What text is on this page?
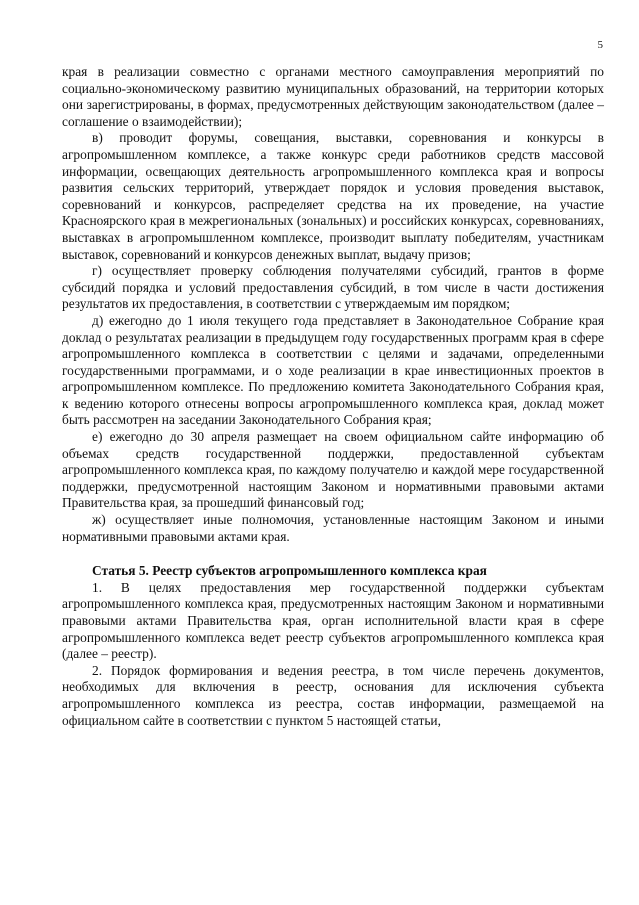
5

края в реализации совместно с органами местного самоуправления мероприятий по социально-экономическому развитию муниципальных образований, на территории которых они зарегистрированы, в формах, предусмотренных действующим законодательством (далее – соглашение о взаимодействии);

в) проводит форумы, совещания, выставки, соревнования и конкурсы в агропромышленном комплексе, а также конкурс среди работников средств массовой информации, освещающих деятельность агропромышленного комплекса края и вопросы развития сельских территорий, утверждает порядок и условия проведения выставок, соревнований и конкурсов, распределяет средства на их проведение, на участие Красноярского края в межрегиональных (зональных) и российских конкурсах, соревнованиях, выставках в агропромышленном комплексе, производит выплату победителям, участникам выставок, соревнований и конкурсов денежных выплат, выдачу призов;

г) осуществляет проверку соблюдения получателями субсидий, грантов в форме субсидий порядка и условий предоставления субсидий, в том числе в части достижения результатов их предоставления, в соответствии с утверждаемым им порядком;

д) ежегодно до 1 июля текущего года представляет в Законодательное Собрание края доклад о результатах реализации в предыдущем году государственных программ края в сфере агропромышленного комплекса в соответствии с целями и задачами, определенными государственными программами, и о ходе реализации в крае инвестиционных проектов в агропромышленном комплексе. По предложению комитета Законодательного Собрания края, к ведению которого отнесены вопросы агропромышленного комплекса края, доклад может быть рассмотрен на заседании Законодательного Собрания края;

е) ежегодно до 30 апреля размещает на своем официальном сайте информацию об объемах средств государственной поддержки, предоставленной субъектам агропромышленного комплекса края, по каждому получателю и каждой мере государственной поддержки, предусмотренной настоящим Законом и нормативными правовыми актами Правительства края, за прошедший финансовый год;

ж) осуществляет иные полномочия, установленные настоящим Законом и иными нормативными правовыми актами края.

Статья 5. Реестр субъектов агропромышленного комплекса края

1. В целях предоставления мер государственной поддержки субъектам агропромышленного комплекса края, предусмотренных настоящим Законом и нормативными правовыми актами Правительства края, орган исполнительной власти края в сфере агропромышленного комплекса ведет реестр субъектов агропромышленного комплекса края (далее – реестр).

2. Порядок формирования и ведения реестра, в том числе перечень документов, необходимых для включения в реестр, основания для исключения субъекта агропромышленного комплекса из реестра, состав информации, размещаемой на официальном сайте в соответствии с пунктом 5 настоящей статьи,
